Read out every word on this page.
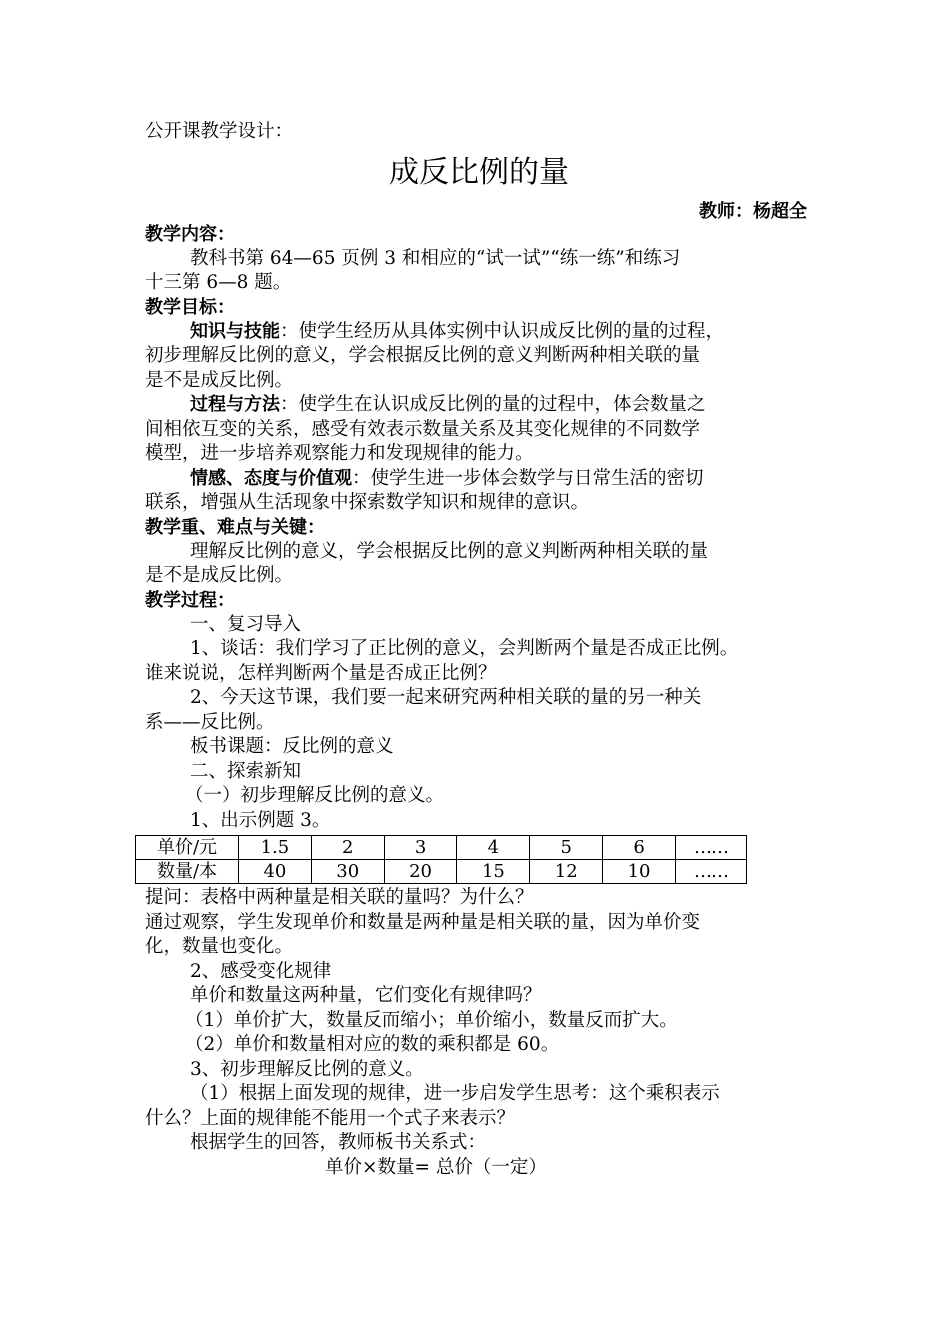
公开课教学设计：
成反比例的量
教师：杨超全
教学内容：
教科书第 64—65 页例 3 和相应的“试一试”“练一练”和练习
十三第 6—8 题。
教学目标：
知识与技能：使学生经历从具体实例中认识成反比例的量的过程，
初步理解反比例的意义，学会根据反比例的意义判断两种相关联的量
是不是成反比例。
过程与方法：使学生在认识成反比例的量的过程中，体会数量之
间相依互变的关系，感受有效表示数量关系及其变化规律的不同数学
模型，进一步培养观察能力和发现规律的能力。
情感、态度与价值观：使学生进一步体会数学与日常生活的密切
联系，增强从生活现象中探索数学知识和规律的意识。
教学重、难点与关键：
理解反比例的意义，学会根据反比例的意义判断两种相关联的量
是不是成反比例。
教学过程：
一、复习导入
1、谈话：我们学习了正比例的意义，会判断两个量是否成正比例。
谁来说说，怎样判断两个量是否成正比例？
2、今天这节课，我们要一起来研究两种相关联的量的另一种关
系——反比例。
板书课题：反比例的意义
二、探索新知
（一）初步理解反比例的意义。
1、出示例题 3。
单价/元	1.5	2	3	4	5	6	……
数量/本	40	30	20	15	12	10	……
提问：表格中两种量是相关联的量吗？为什么？
通过观察，学生发现单价和数量是两种量是相关联的量，因为单价变
化，数量也变化。
2、感受变化规律
单价和数量这两种量，它们变化有规律吗？
（1）单价扩大，数量反而缩小；单价缩小，数量反而扩大。
（2）单价和数量相对应的数的乘积都是 60。
3、初步理解反比例的意义。
（1）根据上面发现的规律，进一步启发学生思考：这个乘积表示
什么？上面的规律能不能用一个式子来表示？
根据学生的回答，教师板书关系式：
单价×数量= 总价（一定）
